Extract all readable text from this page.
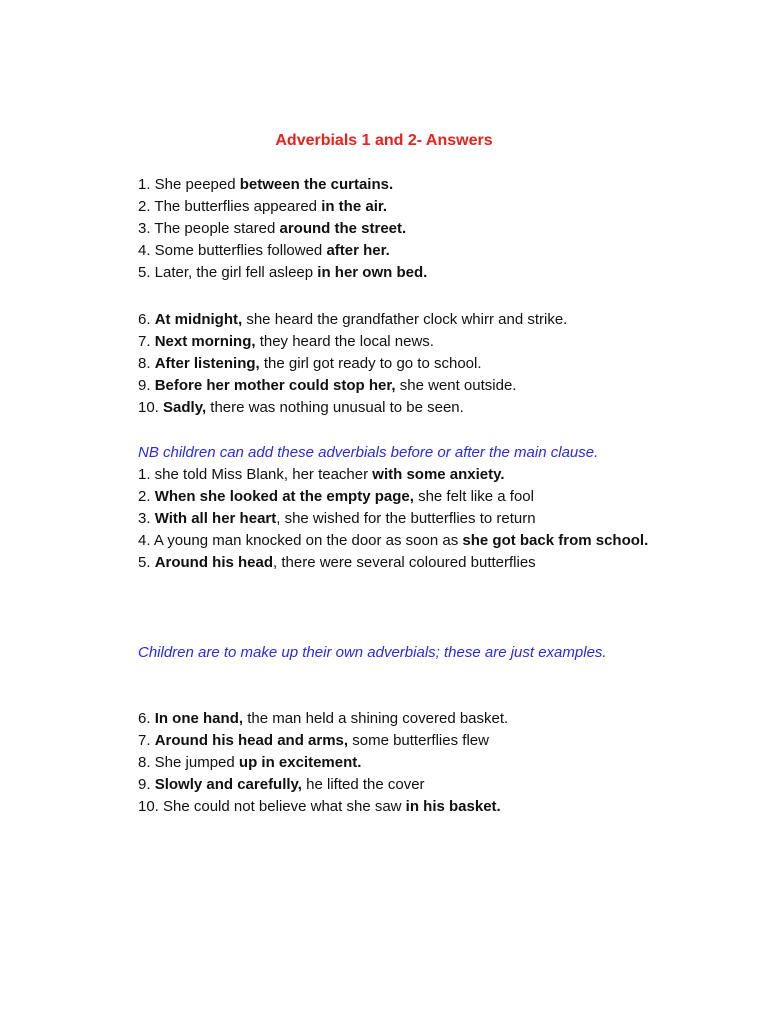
Adverbials 1 and 2- Answers
1. She peeped between the curtains.
2. The butterflies appeared in the air.
3. The people stared around the street.
4. Some butterflies followed after her.
5. Later, the girl fell asleep in her own bed.
6. At midnight, she heard the grandfather clock whirr and strike.
7. Next morning, they heard the local news.
8. After listening, the girl got ready to go to school.
9. Before her mother could stop her, she went outside.
10. Sadly, there was nothing unusual to be seen.
NB children can add these adverbials before or after the main clause.
1. she told Miss Blank, her teacher with some anxiety.
2. When she looked at the empty page, she felt like a fool
3. With all her heart, she wished for the butterflies to return
4. A young man knocked on the door as soon as she got back from school.
5. Around his head, there were several coloured butterflies
Children are to make up their own adverbials; these are just examples.
6. In one hand, the man held a shining covered basket.
7. Around his head and arms, some butterflies flew
8. She jumped up in excitement.
9. Slowly and carefully, he lifted the cover
10. She could not believe what she saw in his basket.
